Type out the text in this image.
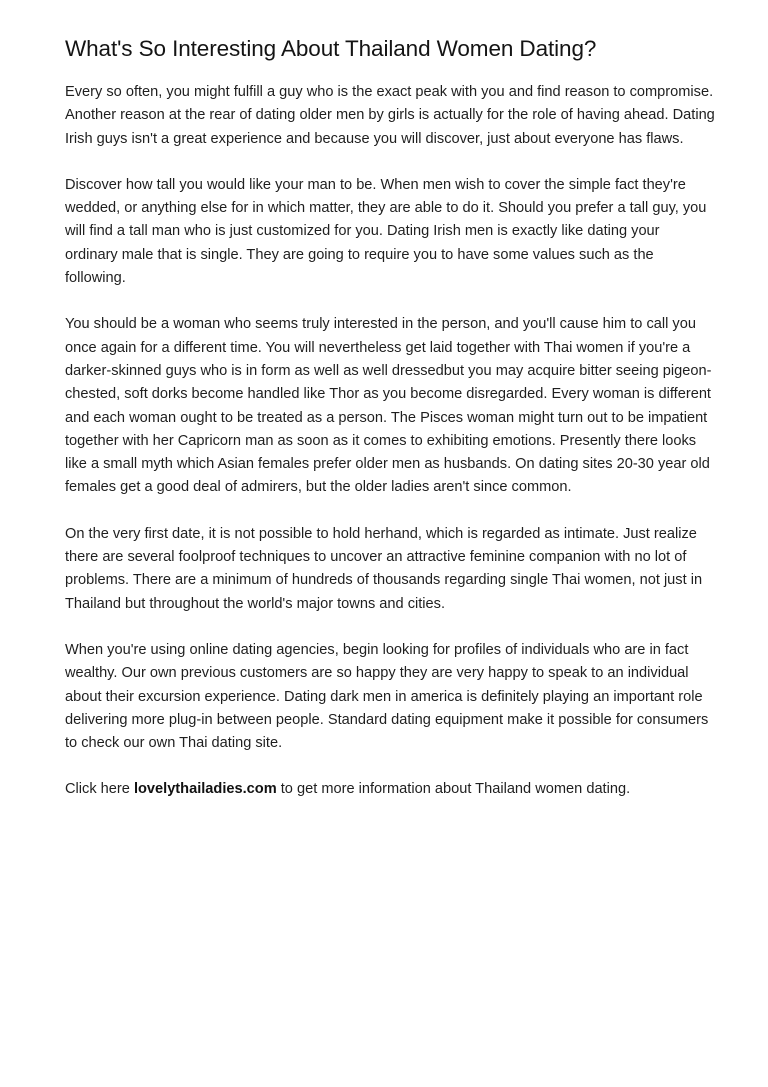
What's So Interesting About Thailand Women Dating?

Every so often, you might fulfill a guy who is the exact peak with you and find reason to compromise. Another reason at the rear of dating older men by girls is actually for the role of having ahead. Dating Irish guys isn't a great experience and because you will discover, just about everyone has flaws.

Discover how tall you would like your man to be. When men wish to cover the simple fact they're wedded, or anything else for in which matter, they are able to do it. Should you prefer a tall guy, you will find a tall man who is just customized for you. Dating Irish men is exactly like dating your ordinary male that is single. They are going to require you to have some values such as the following.

You should be a woman who seems truly interested in the person, and you'll cause him to call you once again for a different time. You will nevertheless get laid together with Thai women if you're a darker-skinned guys who is in form as well as well dressedbut you may acquire bitter seeing pigeon-chested, soft dorks become handled like Thor as you become disregarded. Every woman is different and each woman ought to be treated as a person. The Pisces woman might turn out to be impatient together with her Capricorn man as soon as it comes to exhibiting emotions. Presently there looks like a small myth which Asian females prefer older men as husbands. On dating sites 20-30 year old females get a good deal of admirers, but the older ladies aren't since common.

On the very first date, it is not possible to hold herhand, which is regarded as intimate. Just realize there are several foolproof techniques to uncover an attractive feminine companion with no lot of problems. There are a minimum of hundreds of thousands regarding single Thai women, not just in Thailand but throughout the world's major towns and cities.

When you're using online dating agencies, begin looking for profiles of individuals who are in fact wealthy. Our own previous customers are so happy they are very happy to speak to an individual about their excursion experience. Dating dark men in america is definitely playing an important role delivering more plug-in between people. Standard dating equipment make it possible for consumers to check our own Thai dating site.

Click here lovelythailadies.com to get more information about Thailand women dating.
